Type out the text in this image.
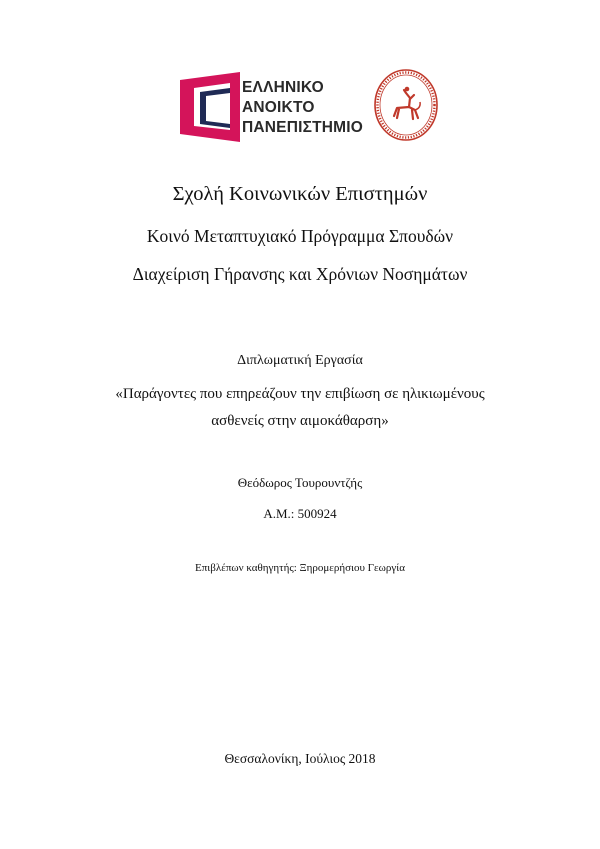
ΕΛΛΗΝΙΚΟ
ΑΝΟΙΚΤΟ
ΠΑΝΕΠΙΣΤΗΜΙΟ
Σχολή Κοινωνικών Επιστημών
Κοινό Μεταπτυχιακό Πρόγραμμα Σπουδών
Διαχείριση Γήρανσης και Χρόνιων Νοσημάτων
Διπλωματική Εργασία
«Παράγοντες που επηρεάζουν την επιβίωση σε ηλικιωμένους
ασθενείς στην αιμοκάθαρση»
Θεόδωρος Τουρουντζής
Α.Μ.: 500924
Επιβλέπων καθηγητής: Ξηρομερήσιου Γεωργία
Θεσσαλονίκη, Ιούλιος 2018
